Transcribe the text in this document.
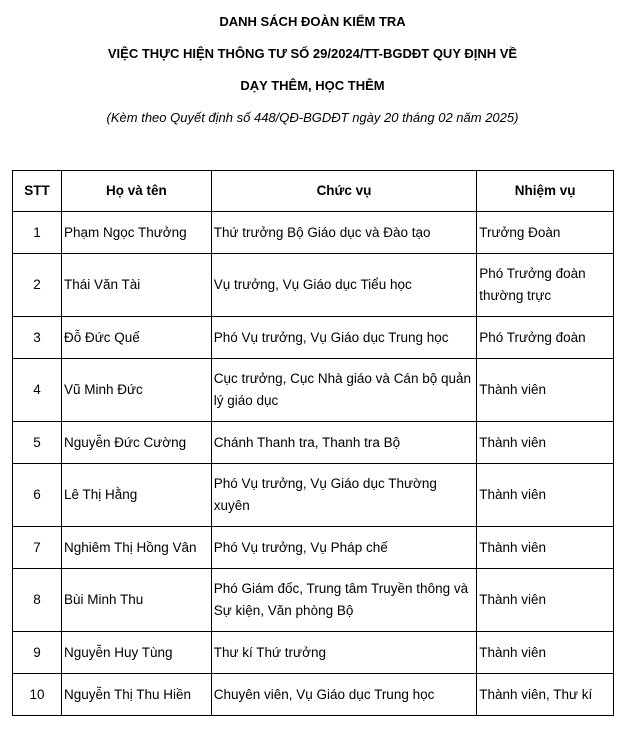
DANH SÁCH ĐOÀN KIỂM TRA
VIỆC THỰC HIỆN THÔNG TƯ SỐ 29/2024/TT-BGDĐT QUY ĐỊNH VỀ
DẠY THÊM, HỌC THÊM
(Kèm theo Quyết định số 448/QĐ-BGDĐT ngày 20 tháng 02 năm 2025)
STT	Họ và tên	Chức vụ	Nhiệm vụ
1	Phạm Ngọc Thưởng	Thứ trưởng Bộ Giáo dục và Đào tạo	Trưởng Đoàn
2	Thái Văn Tài	Vụ trưởng, Vụ Giáo dục Tiểu học	Phó Trưởng đoàn thường trực
3	Đỗ Đức Quế	Phó Vụ trưởng, Vụ Giáo dục Trung học	Phó Trưởng đoàn
4	Vũ Minh Đức	Cục trưởng, Cục Nhà giáo và Cán bộ quản lý giáo dục	Thành viên
5	Nguyễn Đức Cường	Chánh Thanh tra, Thanh tra Bộ	Thành viên
6	Lê Thị Hằng	Phó Vụ trưởng, Vụ Giáo dục Thường xuyên	Thành viên
7	Nghiêm Thị Hồng Vân	Phó Vụ trưởng, Vụ Pháp chế	Thành viên
8	Bùi Minh Thu	Phó Giám đốc, Trung tâm Truyền thông và Sự kiện, Văn phòng Bộ	Thành viên
9	Nguyễn Huy Tùng	Thư kí Thứ trưởng	Thành viên
10	Nguyễn Thị Thu Hiền	Chuyên viên, Vụ Giáo dục Trung học	Thành viên, Thư kí
